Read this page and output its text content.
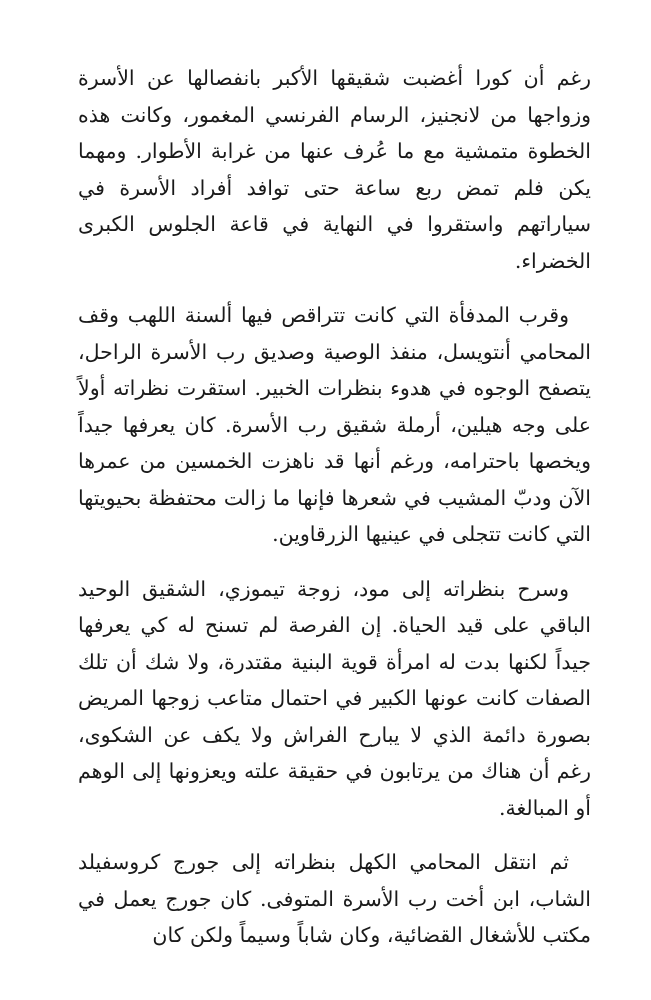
رغم أن كورا أغضبت شقيقها الأكبر بانفصالها عن الأسرة وزواجها من لانجنيز، الرسام الفرنسي المغمور، وكانت هذه الخطوة متمشية مع ما عُرف عنها من غرابة الأطوار. ومهما يكن فلم تمض ربع ساعة حتى توافد أفراد الأسرة في سياراتهم واستقروا في النهاية في قاعة الجلوس الكبرى الخضراء.

وقرب المدفأة التي كانت تتراقص فيها ألسنة اللهب وقف المحامي أنتويسل، منفذ الوصية وصديق رب الأسرة الراحل، يتصفح الوجوه في هدوء بنظرات الخبير. استقرت نظراته أولاً على وجه هيلين، أرملة شقيق رب الأسرة. كان يعرفها جيداً ويخصها باحترامه، ورغم أنها قد ناهزت الخمسين من عمرها الآن ودبّ المشيب في شعرها فإنها ما زالت محتفظة بحيويتها التي كانت تتجلى في عينيها الزرقاوين.

وسرح بنظراته إلى مود، زوجة تيموزي، الشقيق الوحيد الباقي على قيد الحياة. إن الفرصة لم تسنح له كي يعرفها جيداً لكنها بدت له امرأة قوية البنية مقتدرة، ولا شك أن تلك الصفات كانت عونها الكبير في احتمال متاعب زوجها المريض بصورة دائمة الذي لا يبارح الفراش ولا يكف عن الشكوى، رغم أن هناك من يرتابون في حقيقة علته ويعزونها إلى الوهم أو المبالغة.

ثم انتقل المحامي الكهل بنظراته إلى جورج كروسفيلد الشاب، ابن أخت رب الأسرة المتوفى. كان جورج يعمل في مكتب للأشغال القضائية، وكان شاباً وسيماً ولكن كان
